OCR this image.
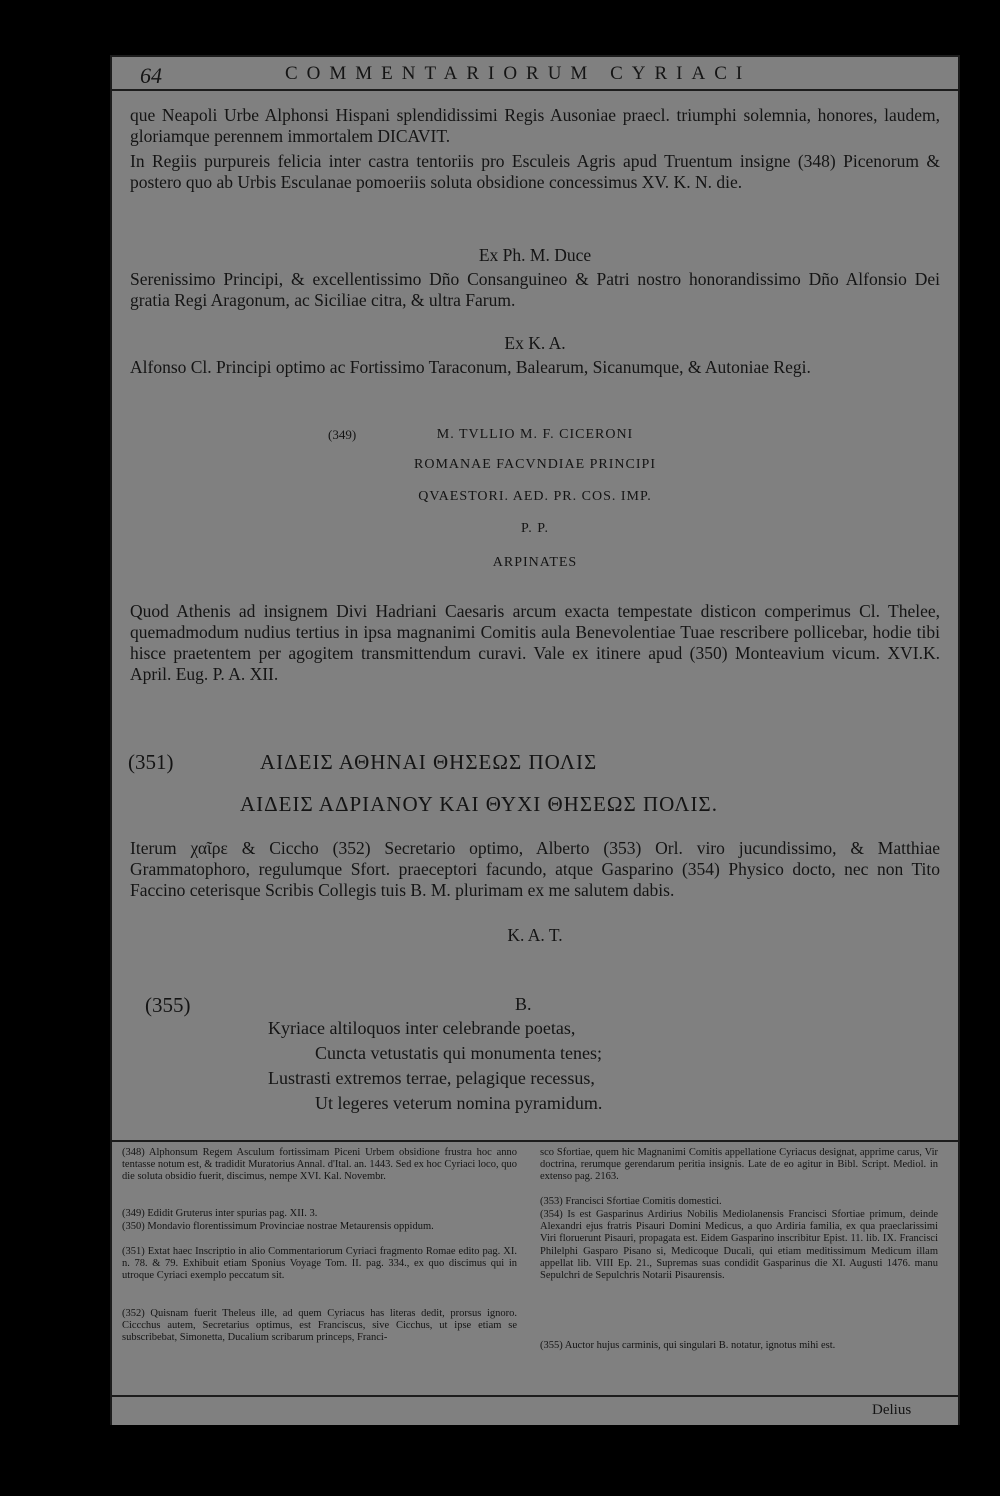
64	COMMENTARIORUM CYRIACI
que Neapoli Urbe Alphonsi Hispani splendidissimi Regis Ausoniae praecl. triumphi solemnia, honores, laudem, gloriamque perennem immortalem DICAVIT.
In Regiis purpureis felicia inter castra tentoriis pro Esculeis Agris apud Truentum insigne (348) Picenorum & postero quo ab Urbis Esculanae pomoeriis soluta obsidione concessimus XV. K. N. die.
Ex Ph. M. Duce
Serenissimo Principi, & excellentissimo Dño Consanguineo & Patri nostro honorandissimo Dño Alfonsio Dei gratia Regi Aragonum, ac Siciliae citra, & ultra Farum.
Ex K. A.
Alfonso Cl. Principi optimo ac Fortissimo Taraconum, Balearum, Sicanumque, & Autoniae Regi.
(349)	M. TVLLIO M. F. CICERONI
ROMANAE FACVNDIAE PRINCIPI
QVAESTORI. AED. PR. COS. IMP.
P. P.
ARPINATES
Quod Athenis ad insignem Divi Hadriani Caesaris arcum exacta tempestate disticon comperimus Cl. Thelee, quemadmodum nudius tertius in ipsa magnanimi Comitis aula Benevolentiae Tuae rescribere pollicebar, hodie tibi hisce praetentem per agogitem transmittendum curavi. Vale ex itinere apud (350) Monteavium vicum. XVI.K. April. Eug. P. A. XII.
(351)	ΑΙΔΕΙΣ ΑΘΗΝΑΙ ΘΗΣΕΩΣ ΠΟΛΙΣ
ΑΙΔΕΙΣ ΑΔΡΙΑΝΟΥ ΚΑΙ ΘΥΧΙ ΘΗΣΕΩΣ ΠΟΛΙΣ.
Iterum χαῖρε & Ciccho (352) Secretario optimo, Alberto (353) Orl. viro jucundissimo, & Matthiae Grammatophoro, regulumque Sfort. praeceptori facundo, atque Gasparino (354) Physico docto, nec non Tito Faccino ceterisque Scribis Collegis tuis B. M. plurimam ex me salutem dabis.
K. A. T.
(355)	B.
Kyriace altiloquos inter celebrande poetas,
Cuncta vetustatis qui monumenta tenes;
Lustrasti extremos terrae, pelagique recessus,
Ut legeres veterum nomina pyramidum.
(348) Alphonsum Regem Asculum fortissimam Piceni Urbem obsidione frustra hoc anno tentasse notum est, & tradidit Muratorius Annal. d'Ital. an. 1443. Sed ex hoc Cyriaci loco, quo die soluta obsidio fuerit, discimus, nempe XVI. Kal. Novembr.
(349) Edidit Gruterus inter spurias pag. XII. 3.
(350) Mondavio florentissimum Provinciae nostrae Metaurensis oppidum.
(351) Extat haec Inscriptio in alio Commentariorum Cyriaci fragmento Romae edito pag. XI. n. 78. & 79. Exhibuit etiam Sponius Voyage Tom. II. pag. 334., ex quo discimus qui in utroque Cyriaci exemplo peccatum sit.
(352) Quisnam fuerit Theleus ille, ad quem Cyriacus has literas dedit, prorsus ignoro. Ciccchus autem, Secretarius optimus, est Franciscus, sive Cicchus, ut ipse etiam se subscribebat, Simonetta, Ducalium scribarum princeps, Franci-
sco Sfortiae, quem hic Magnanimi Comitis appellatione Cyriacus designat, apprime carus, Vir doctrina, rerumque gerendarum peritia insignis. Late de eo agitur in Bibl. Script. Mediol. in extenso pag. 2163.
(353) Francisci Sfortiae Comitis domestici.
(354) Is est Gasparinus Ardirius Nobilis Mediolanensis Francisci Sfortiae primum, deinde Alexandri ejus fratris Pisauri Domini Medicus, a quo Ardiria familia, ex qua praeclarissimi Viri floruerunt Pisauri, propagata est. Eidem Gasparino inscribitur Epist. 11. lib. IX. Francisci Philelphi Gasparo Pisano si, Medicoque Ducali, qui etiam meditissimum Medicum illam appellat lib. VIII Ep. 21., Supremas suas condidit Gasparinus die XI. Augusti 1476. manu Sepulchri de Sepulchris Notarii Pisaurensis.
(355) Auctor hujus carminis, qui singulari B. notatur, ignotus mihi est.
Delius
